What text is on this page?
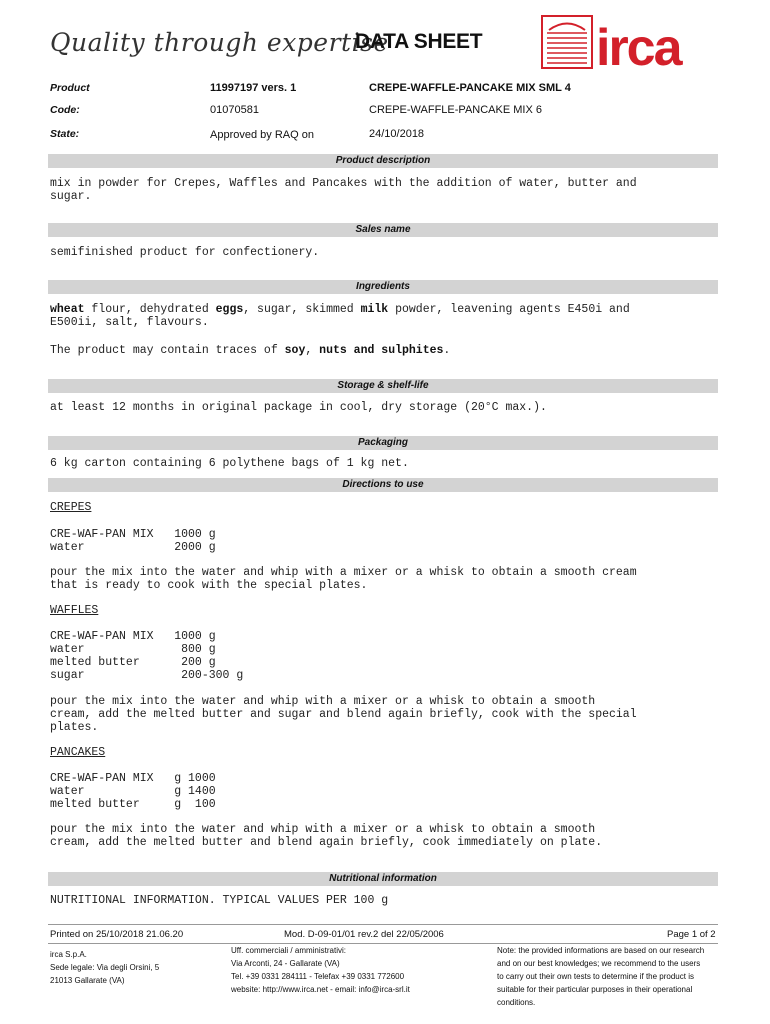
Quality through expertise
DATA SHEET irca
Product	11997197 vers. 1	CREPE-WAFFLE-PANCAKE MIX SML 4
Code:	01070581	CREPE-WAFFLE-PANCAKE MIX 6
State:	Approved by RAQ on	24/10/2018
Product description
mix in powder for Crepes, Waffles and Pancakes with the addition of water, butter and
sugar.
Sales name
semifinished product for confectionery.
Ingredients
wheat flour, dehydrated eggs, sugar, skimmed milk powder, leavening agents E450i and
E500ii, salt, flavours.
The product may contain traces of soy, nuts and sulphites.
Storage & shelf-life
at least 12 months in original package in cool, dry storage (20°C max.).
Packaging
6 kg carton containing 6 polythene bags of 1 kg net.
Directions to use
CREPES
CRE-WAF-PAN MIX   1000 g
water             2000 g
pour the mix into the water and whip with a mixer or a whisk to obtain a smooth cream
that is ready to cook with the special plates.
WAFFLES
CRE-WAF-PAN MIX   1000 g
water              800 g
melted butter      200 g
sugar              200-300 g
pour the mix into the water and whip with a mixer or a whisk to obtain a smooth
cream, add the melted butter and sugar and blend again briefly, cook with the special
plates.
PANCAKES
CRE-WAF-PAN MIX   g 1000
water             g 1400
melted butter     g  100
pour the mix into the water and whip with a mixer or a whisk to obtain a smooth
cream, add the melted butter and blend again briefly, cook immediately on plate.
Nutritional information
NUTRITIONAL INFORMATION. TYPICAL VALUES PER 100 g
Printed on 25/10/2018 21.06.20	Mod. D-09-01/01 rev.2 del 22/05/2006	Page 1 of 2
irca S.p.A.
Sede legale: Via degli Orsini, 5
21013 Gallarate (VA)
Uff. commerciali / amministrativi:
Via Arconti, 24 - Gallarate (VA)
Tel. +39 0331 284111 - Telefax +39 0331 772600
website: http://www.irca.net - email: info@irca-srl.it
Note: the provided informations are based on our research
and on our best knowledges; we recommend to the users
to carry out their own tests to determine if the product is
suitable for their particular purposes in their operational
conditions.
